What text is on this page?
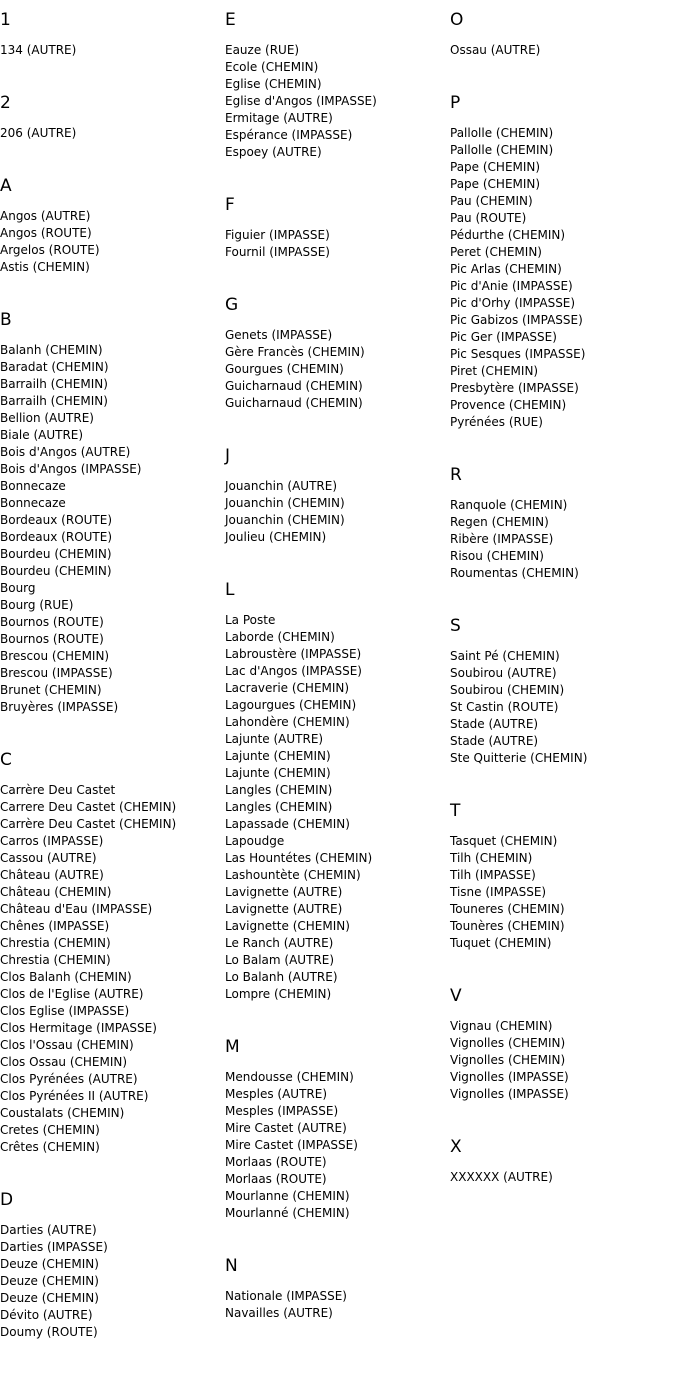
1
134 (AUTRE)
2
206 (AUTRE)
A
Angos (AUTRE)
Angos (ROUTE)
Argelos (ROUTE)
Astis (CHEMIN)
B
Balanh (CHEMIN)
Baradat (CHEMIN)
Barrailh (CHEMIN)
Barrailh (CHEMIN)
Bellion (AUTRE)
Biale (AUTRE)
Bois d'Angos (AUTRE)
Bois d'Angos (IMPASSE)
Bonnecaze
Bonnecaze
Bordeaux (ROUTE)
Bordeaux (ROUTE)
Bourdeu (CHEMIN)
Bourdeu (CHEMIN)
Bourg
Bourg (RUE)
Bournos (ROUTE)
Bournos (ROUTE)
Brescou (CHEMIN)
Brescou (IMPASSE)
Brunet (CHEMIN)
Bruyères (IMPASSE)
C
Carrère Deu Castet
Carrere Deu Castet (CHEMIN)
Carrère Deu Castet (CHEMIN)
Carros (IMPASSE)
Cassou (AUTRE)
Château (AUTRE)
Château (CHEMIN)
Château d'Eau (IMPASSE)
Chênes (IMPASSE)
Chrestia (CHEMIN)
Chrestia (CHEMIN)
Clos Balanh (CHEMIN)
Clos de l'Eglise (AUTRE)
Clos Eglise (IMPASSE)
Clos Hermitage (IMPASSE)
Clos l'Ossau (CHEMIN)
Clos Ossau (CHEMIN)
Clos Pyrénées (AUTRE)
Clos Pyrénées II (AUTRE)
Coustalats (CHEMIN)
Cretes (CHEMIN)
Crêtes (CHEMIN)
D
Darties (AUTRE)
Darties (IMPASSE)
Deuze (CHEMIN)
Deuze (CHEMIN)
Deuze (CHEMIN)
Dévito (AUTRE)
Doumy (ROUTE)
E
Eauze (RUE)
Ecole (CHEMIN)
Eglise (CHEMIN)
Eglise d'Angos (IMPASSE)
Ermitage (AUTRE)
Espérance (IMPASSE)
Espoey (AUTRE)
F
Figuier (IMPASSE)
Fournil (IMPASSE)
G
Genets (IMPASSE)
Gère Francès (CHEMIN)
Gourgues (CHEMIN)
Guicharnaud (CHEMIN)
Guicharnaud (CHEMIN)
J
Jouanchin (AUTRE)
Jouanchin (CHEMIN)
Jouanchin (CHEMIN)
Joulieu (CHEMIN)
L
La Poste
Laborde (CHEMIN)
Labroustère (IMPASSE)
Lac d'Angos (IMPASSE)
Lacraverie (CHEMIN)
Lagourgues (CHEMIN)
Lahondère (CHEMIN)
Lajunte (AUTRE)
Lajunte (CHEMIN)
Lajunte (CHEMIN)
Langles (CHEMIN)
Langles (CHEMIN)
Lapassade (CHEMIN)
Lapoudge
Las Hountétes (CHEMIN)
Lashountète (CHEMIN)
Lavignette (AUTRE)
Lavignette (AUTRE)
Lavignette (CHEMIN)
Le Ranch (AUTRE)
Lo Balam (AUTRE)
Lo Balanh (AUTRE)
Lompre (CHEMIN)
M
Mendousse (CHEMIN)
Mesples (AUTRE)
Mesples (IMPASSE)
Mire Castet (AUTRE)
Mire Castet (IMPASSE)
Morlaas (ROUTE)
Morlaas (ROUTE)
Mourlanne (CHEMIN)
Mourlanné (CHEMIN)
N
Nationale (IMPASSE)
Navailles (AUTRE)
O
Ossau (AUTRE)
P
Pallolle (CHEMIN)
Pallolle (CHEMIN)
Pape (CHEMIN)
Pape (CHEMIN)
Pau (CHEMIN)
Pau (ROUTE)
Pédurthe (CHEMIN)
Peret (CHEMIN)
Pic Arlas (CHEMIN)
Pic d'Anie (IMPASSE)
Pic d'Orhy (IMPASSE)
Pic Gabizos (IMPASSE)
Pic Ger (IMPASSE)
Pic Sesques (IMPASSE)
Piret (CHEMIN)
Presbytère (IMPASSE)
Provence (CHEMIN)
Pyrénées (RUE)
R
Ranquole (CHEMIN)
Regen (CHEMIN)
Ribère (IMPASSE)
Risou (CHEMIN)
Roumentas (CHEMIN)
S
Saint Pé (CHEMIN)
Soubirou (AUTRE)
Soubirou (CHEMIN)
St Castin (ROUTE)
Stade (AUTRE)
Stade (AUTRE)
Ste Quitterie (CHEMIN)
T
Tasquet (CHEMIN)
Tilh (CHEMIN)
Tilh (IMPASSE)
Tisne (IMPASSE)
Touneres (CHEMIN)
Tounères (CHEMIN)
Tuquet (CHEMIN)
V
Vignau (CHEMIN)
Vignolles (CHEMIN)
Vignolles (CHEMIN)
Vignolles (IMPASSE)
Vignolles (IMPASSE)
X
XXXXXX (AUTRE)
